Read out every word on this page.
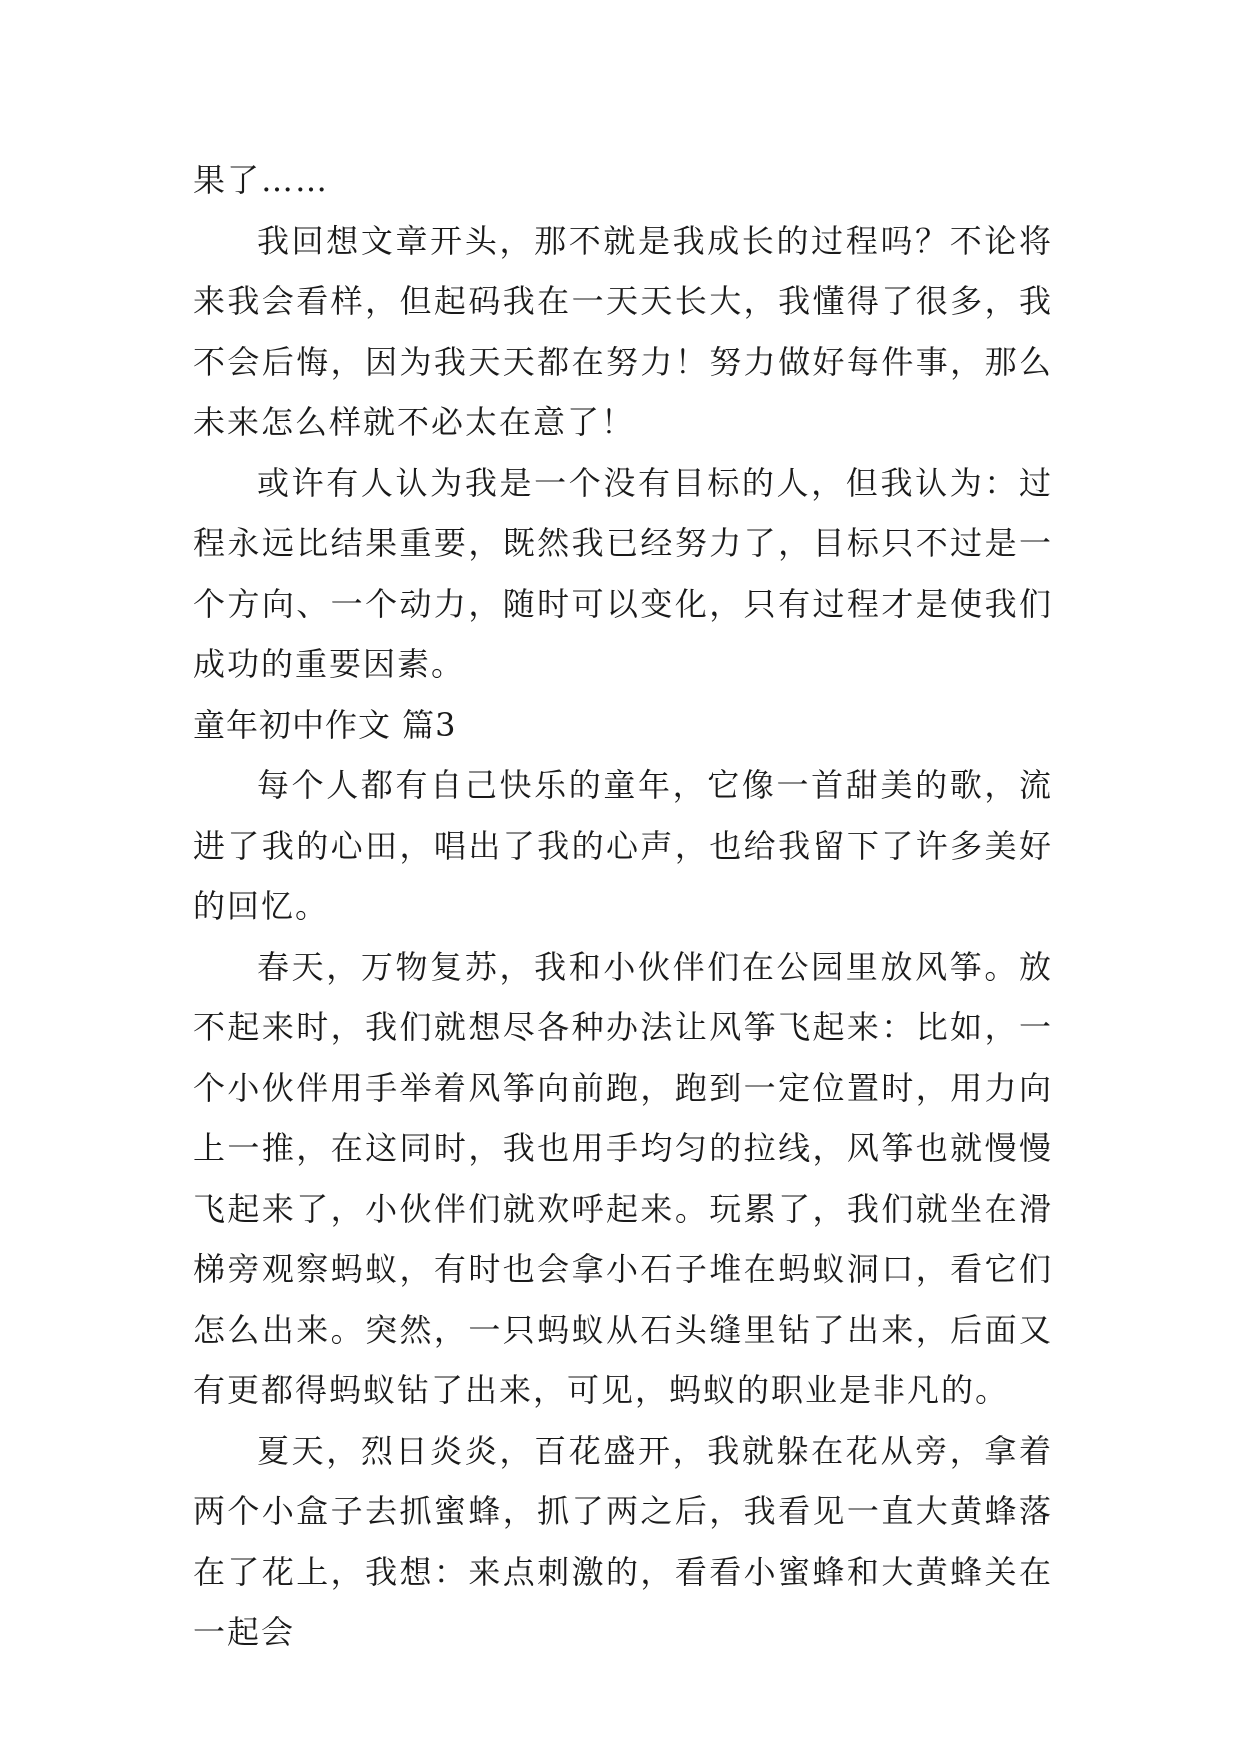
果了……

我回想文章开头，那不就是我成长的过程吗？不论将来我会看样，但起码我在一天天长大，我懂得了很多，我不会后悔，因为我天天都在努力！努力做好每件事，那么未来怎么样就不必太在意了！

或许有人认为我是一个没有目标的人，但我认为：过程永远比结果重要，既然我已经努力了，目标只不过是一个方向、一个动力，随时可以变化，只有过程才是使我们成功的重要因素。

童年初中作文 篇3

每个人都有自己快乐的童年，它像一首甜美的歌，流进了我的心田，唱出了我的心声，也给我留下了许多美好的回忆。

春天，万物复苏，我和小伙伴们在公园里放风筝。放不起来时，我们就想尽各种办法让风筝飞起来：比如，一个小伙伴用手举着风筝向前跑，跑到一定位置时，用力向上一推，在这同时，我也用手均匀的拉线，风筝也就慢慢飞起来了，小伙伴们就欢呼起来。玩累了，我们就坐在滑梯旁观察蚂蚁，有时也会拿小石子堆在蚂蚁洞口，看它们怎么出来。突然，一只蚂蚁从石头缝里钻了出来，后面又有更都得蚂蚁钻了出来，可见，蚂蚁的职业是非凡的。

夏天，烈日炎炎，百花盛开，我就躲在花从旁，拿着两个小盒子去抓蜜蜂，抓了两之后，我看见一直大黄蜂落在了花上，我想：来点刺激的，看看小蜜蜂和大黄蜂关在一起会
